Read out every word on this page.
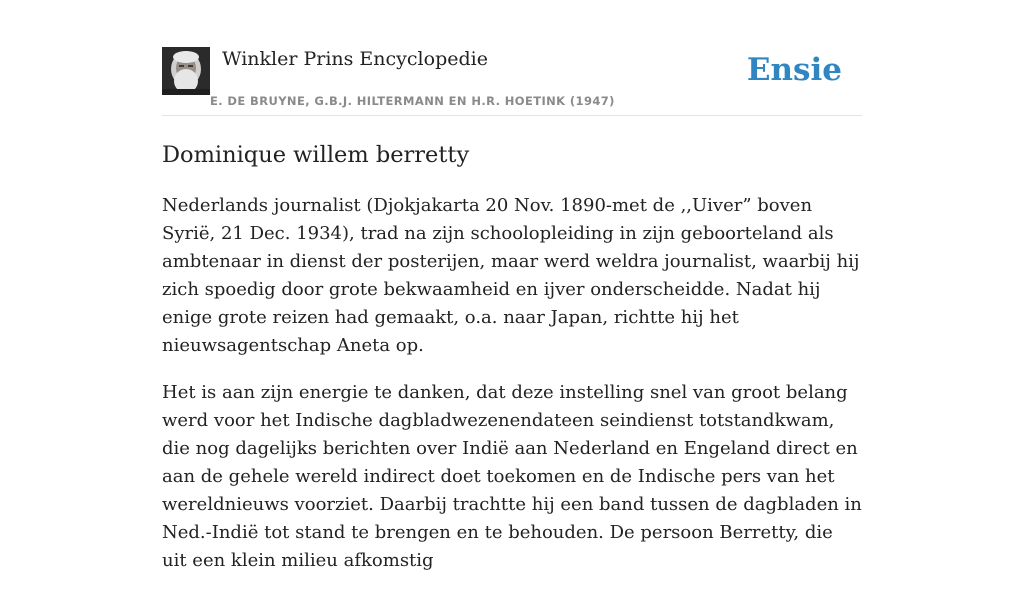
Winkler Prins Encyclopedie
E. DE BRUYNE, G.B.J. HILTERMANN EN H.R. HOETINK (1947)
Ensie
Dominique willem berretty

Nederlands journalist (Djokjakarta 20 Nov. 1890-met de ,,Uiver” boven Syrië, 21 Dec. 1934), trad na zijn schoolopleiding in zijn geboorteland als ambtenaar in dienst der posterijen, maar werd weldra journalist, waarbij hij zich spoedig door grote bekwaamheid en ijver onderscheidde. Nadat hij enige grote reizen had gemaakt, o.a. naar Japan, richtte hij het nieuwsagentschap Aneta op.

Het is aan zijn energie te danken, dat deze instelling snel van groot belang werd voor het Indische dagbladwezenendateen seindienst totstandkwam, die nog dagelijks berichten over Indië aan Nederland en Engeland direct en aan de gehele wereld indirect doet toekomen en de Indische pers van het wereldnieuws voorziet. Daarbij trachtte hij een band tussen de dagbladen in Ned.-Indië tot stand te brengen en te behouden. De persoon Berretty, die uit een klein milieu afkomstig
